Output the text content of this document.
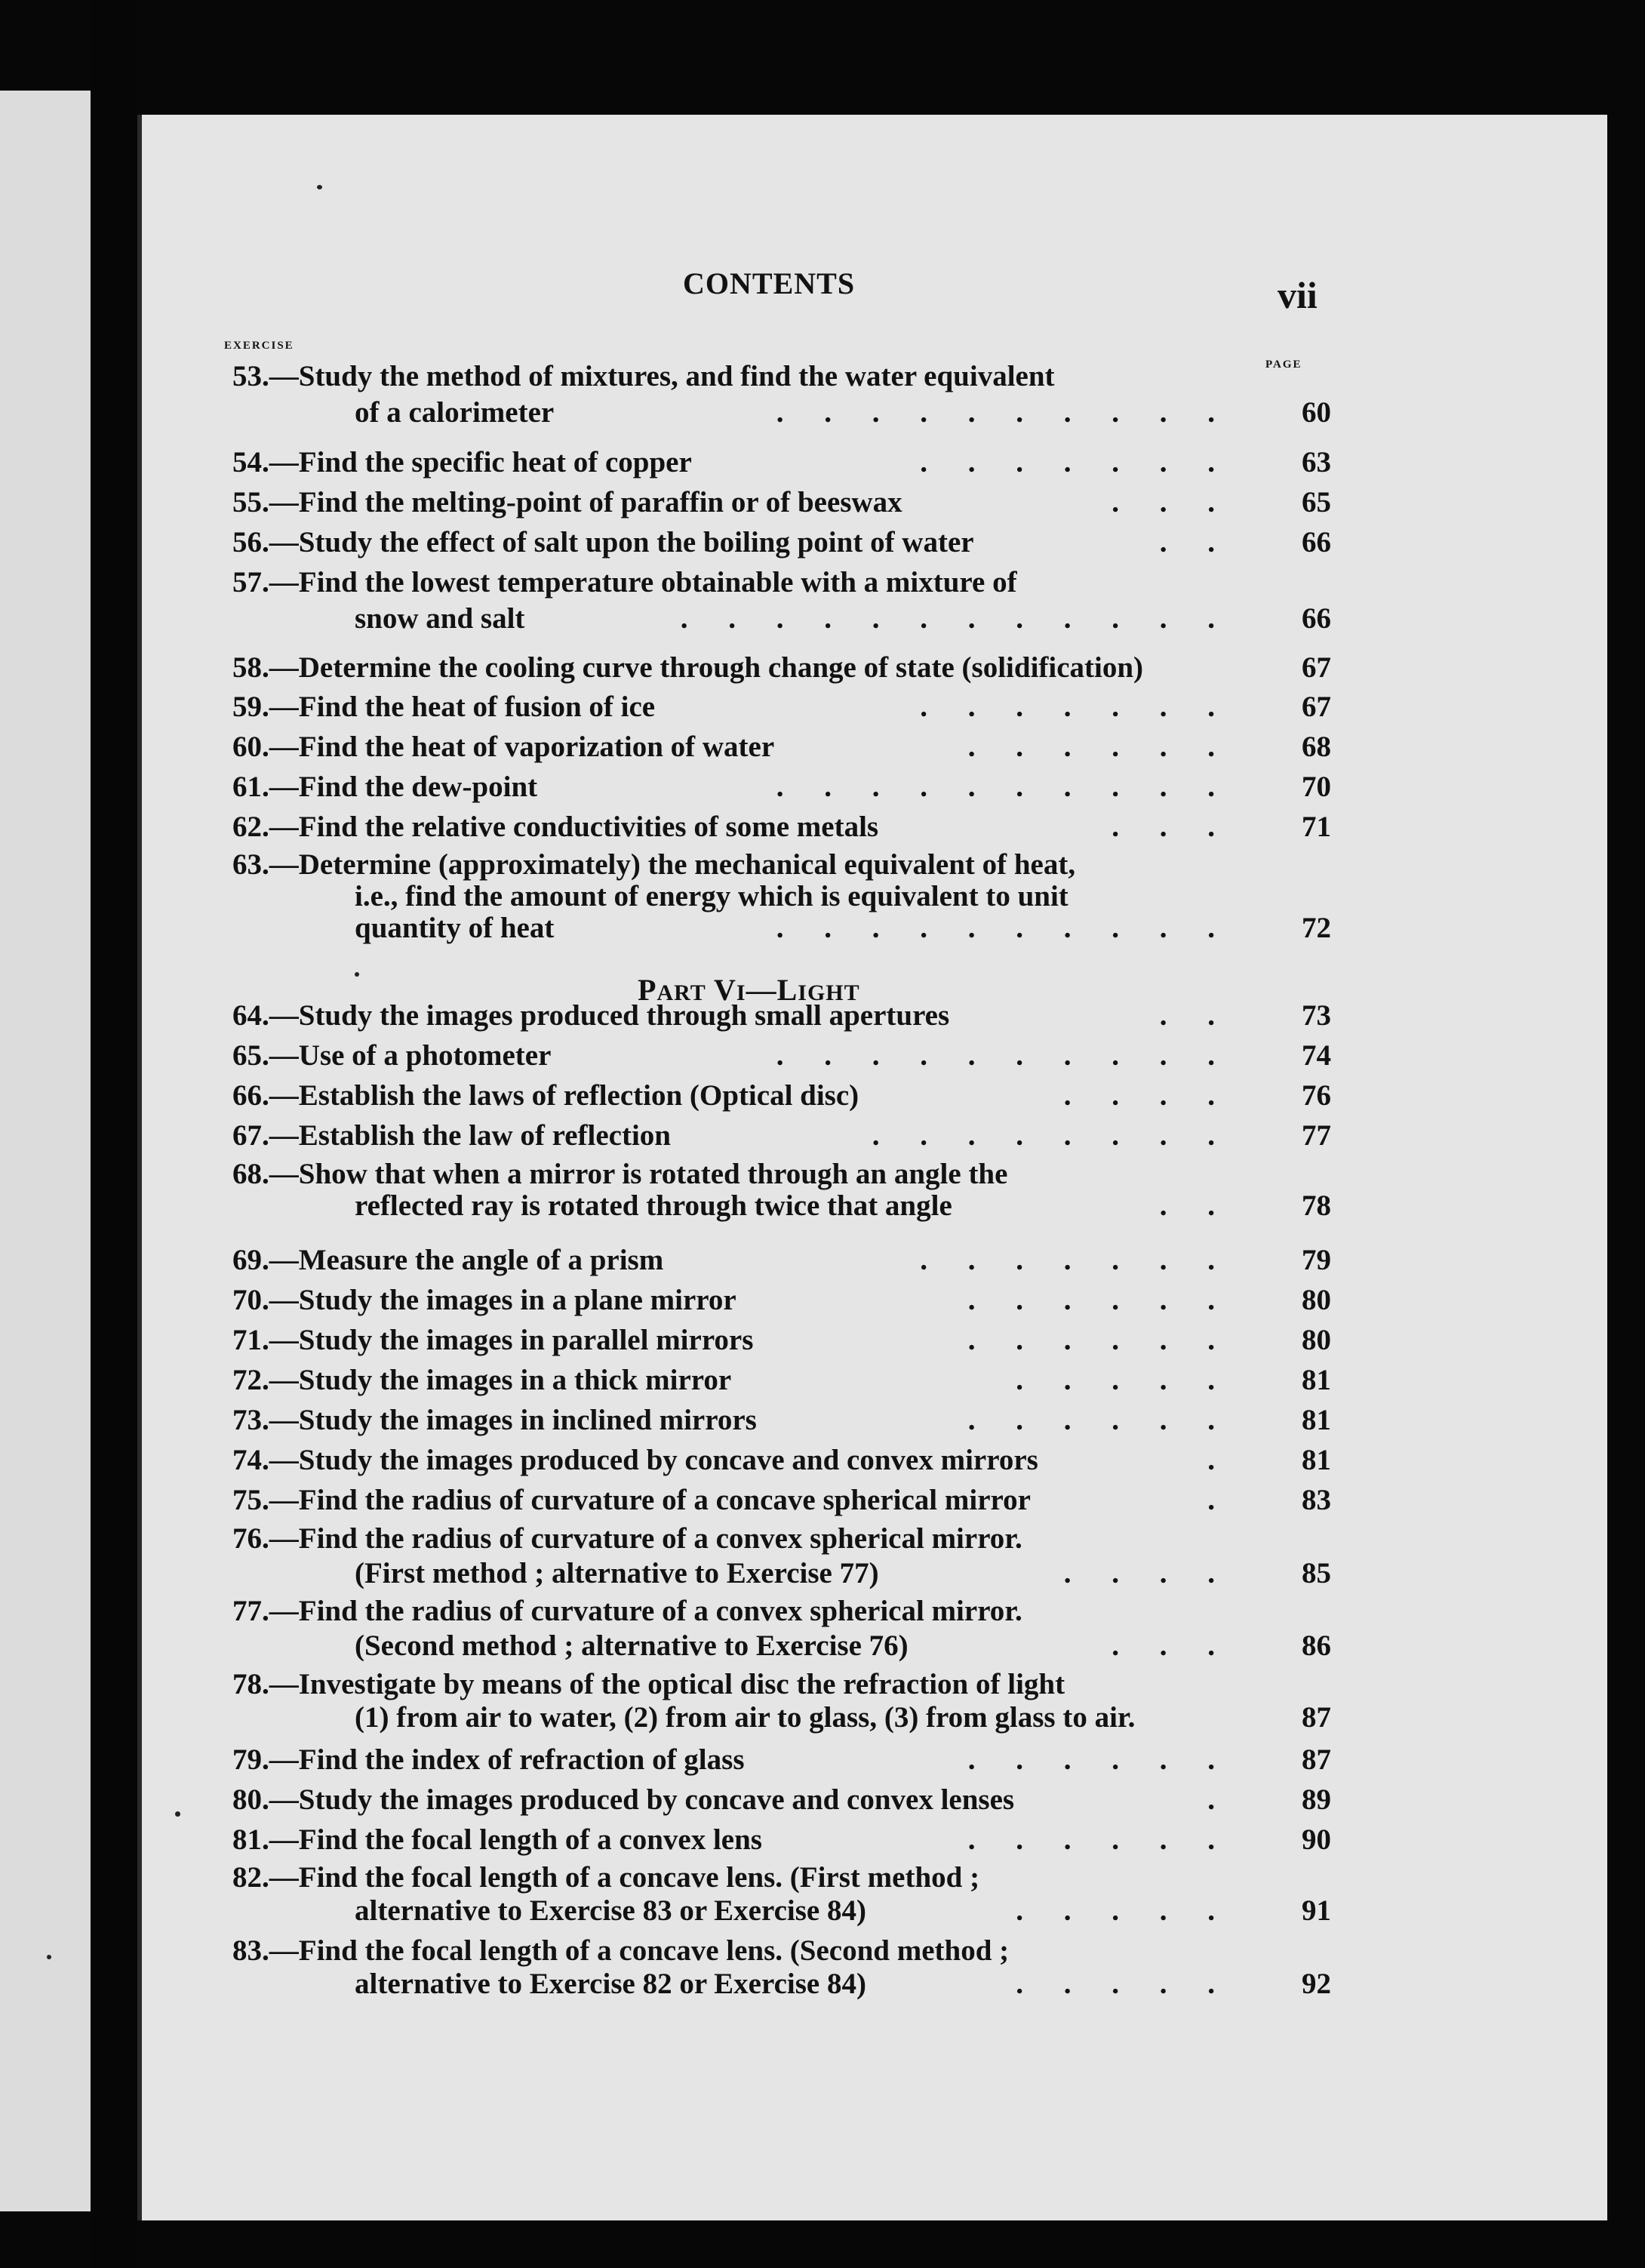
CONTENTS	vii
EXERCISE
PAGE
PART VI—LIGHT
53.—Study the method of mixtures, and find the water equivalent
of a calorimeter	. . . . . . . . . .	60
54.—Find the specific heat of copper	. . . . . . .	63
55.—Find the melting-point of paraffin or of beeswax	. . .	65
56.—Study the effect of salt upon the boiling point of water	. .	66
57.—Find the lowest temperature obtainable with a mixture of
snow and salt	. . . . . . . . . . . .	66
58.—Determine the cooling curve through change of state (solidification)	67
59.—Find the heat of fusion of ice	. . . . . . .	67
60.—Find the heat of vaporization of water	. . . . . .	68
61.—Find the dew-point	. . . . . . . . . .	70
62.—Find the relative conductivities of some metals	. . .	71
63.—Determine (approximately) the mechanical equivalent of heat,
i.e., find the amount of energy which is equivalent to unit
quantity of heat	. . . . . . . . . .	72
64.—Study the images produced through small apertures	. .	73
65.—Use of a photometer	. . . . . . . . . .	74
66.—Establish the laws of reflection (Optical disc)	. . . .	76
67.—Establish the law of reflection	. . . . . . . .	77
68.—Show that when a mirror is rotated through an angle the
reflected ray is rotated through twice that angle	. .	78
69.—Measure the angle of a prism	. . . . . . .	79
70.—Study the images in a plane mirror	. . . . . .	80
71.—Study the images in parallel mirrors	. . . . . .	80
72.—Study the images in a thick mirror	. . . . .	81
73.—Study the images in inclined mirrors	. . . . . .	81
74.—Study the images produced by concave and convex mirrors	.	81
75.—Find the radius of curvature of a concave spherical mirror	.	83
76.—Find the radius of curvature of a convex spherical mirror.
(First method ; alternative to Exercise 77)	. . . .	85
77.—Find the radius of curvature of a convex spherical mirror.
(Second method ; alternative to Exercise 76)	. . .	86
78.—Investigate by means of the optical disc the refraction of light
(1) from air to water, (2) from air to glass, (3) from glass to air.	87
79.—Find the index of refraction of glass	. . . . . .	87
80.—Study the images produced by concave and convex lenses	.	89
81.—Find the focal length of a convex lens	. . . . . .	90
82.—Find the focal length of a concave lens. (First method ;
alternative to Exercise 83 or Exercise 84)	. . . . .	91
83.—Find the focal length of a concave lens. (Second method ;
alternative to Exercise 82 or Exercise 84)	. . . . .	92
